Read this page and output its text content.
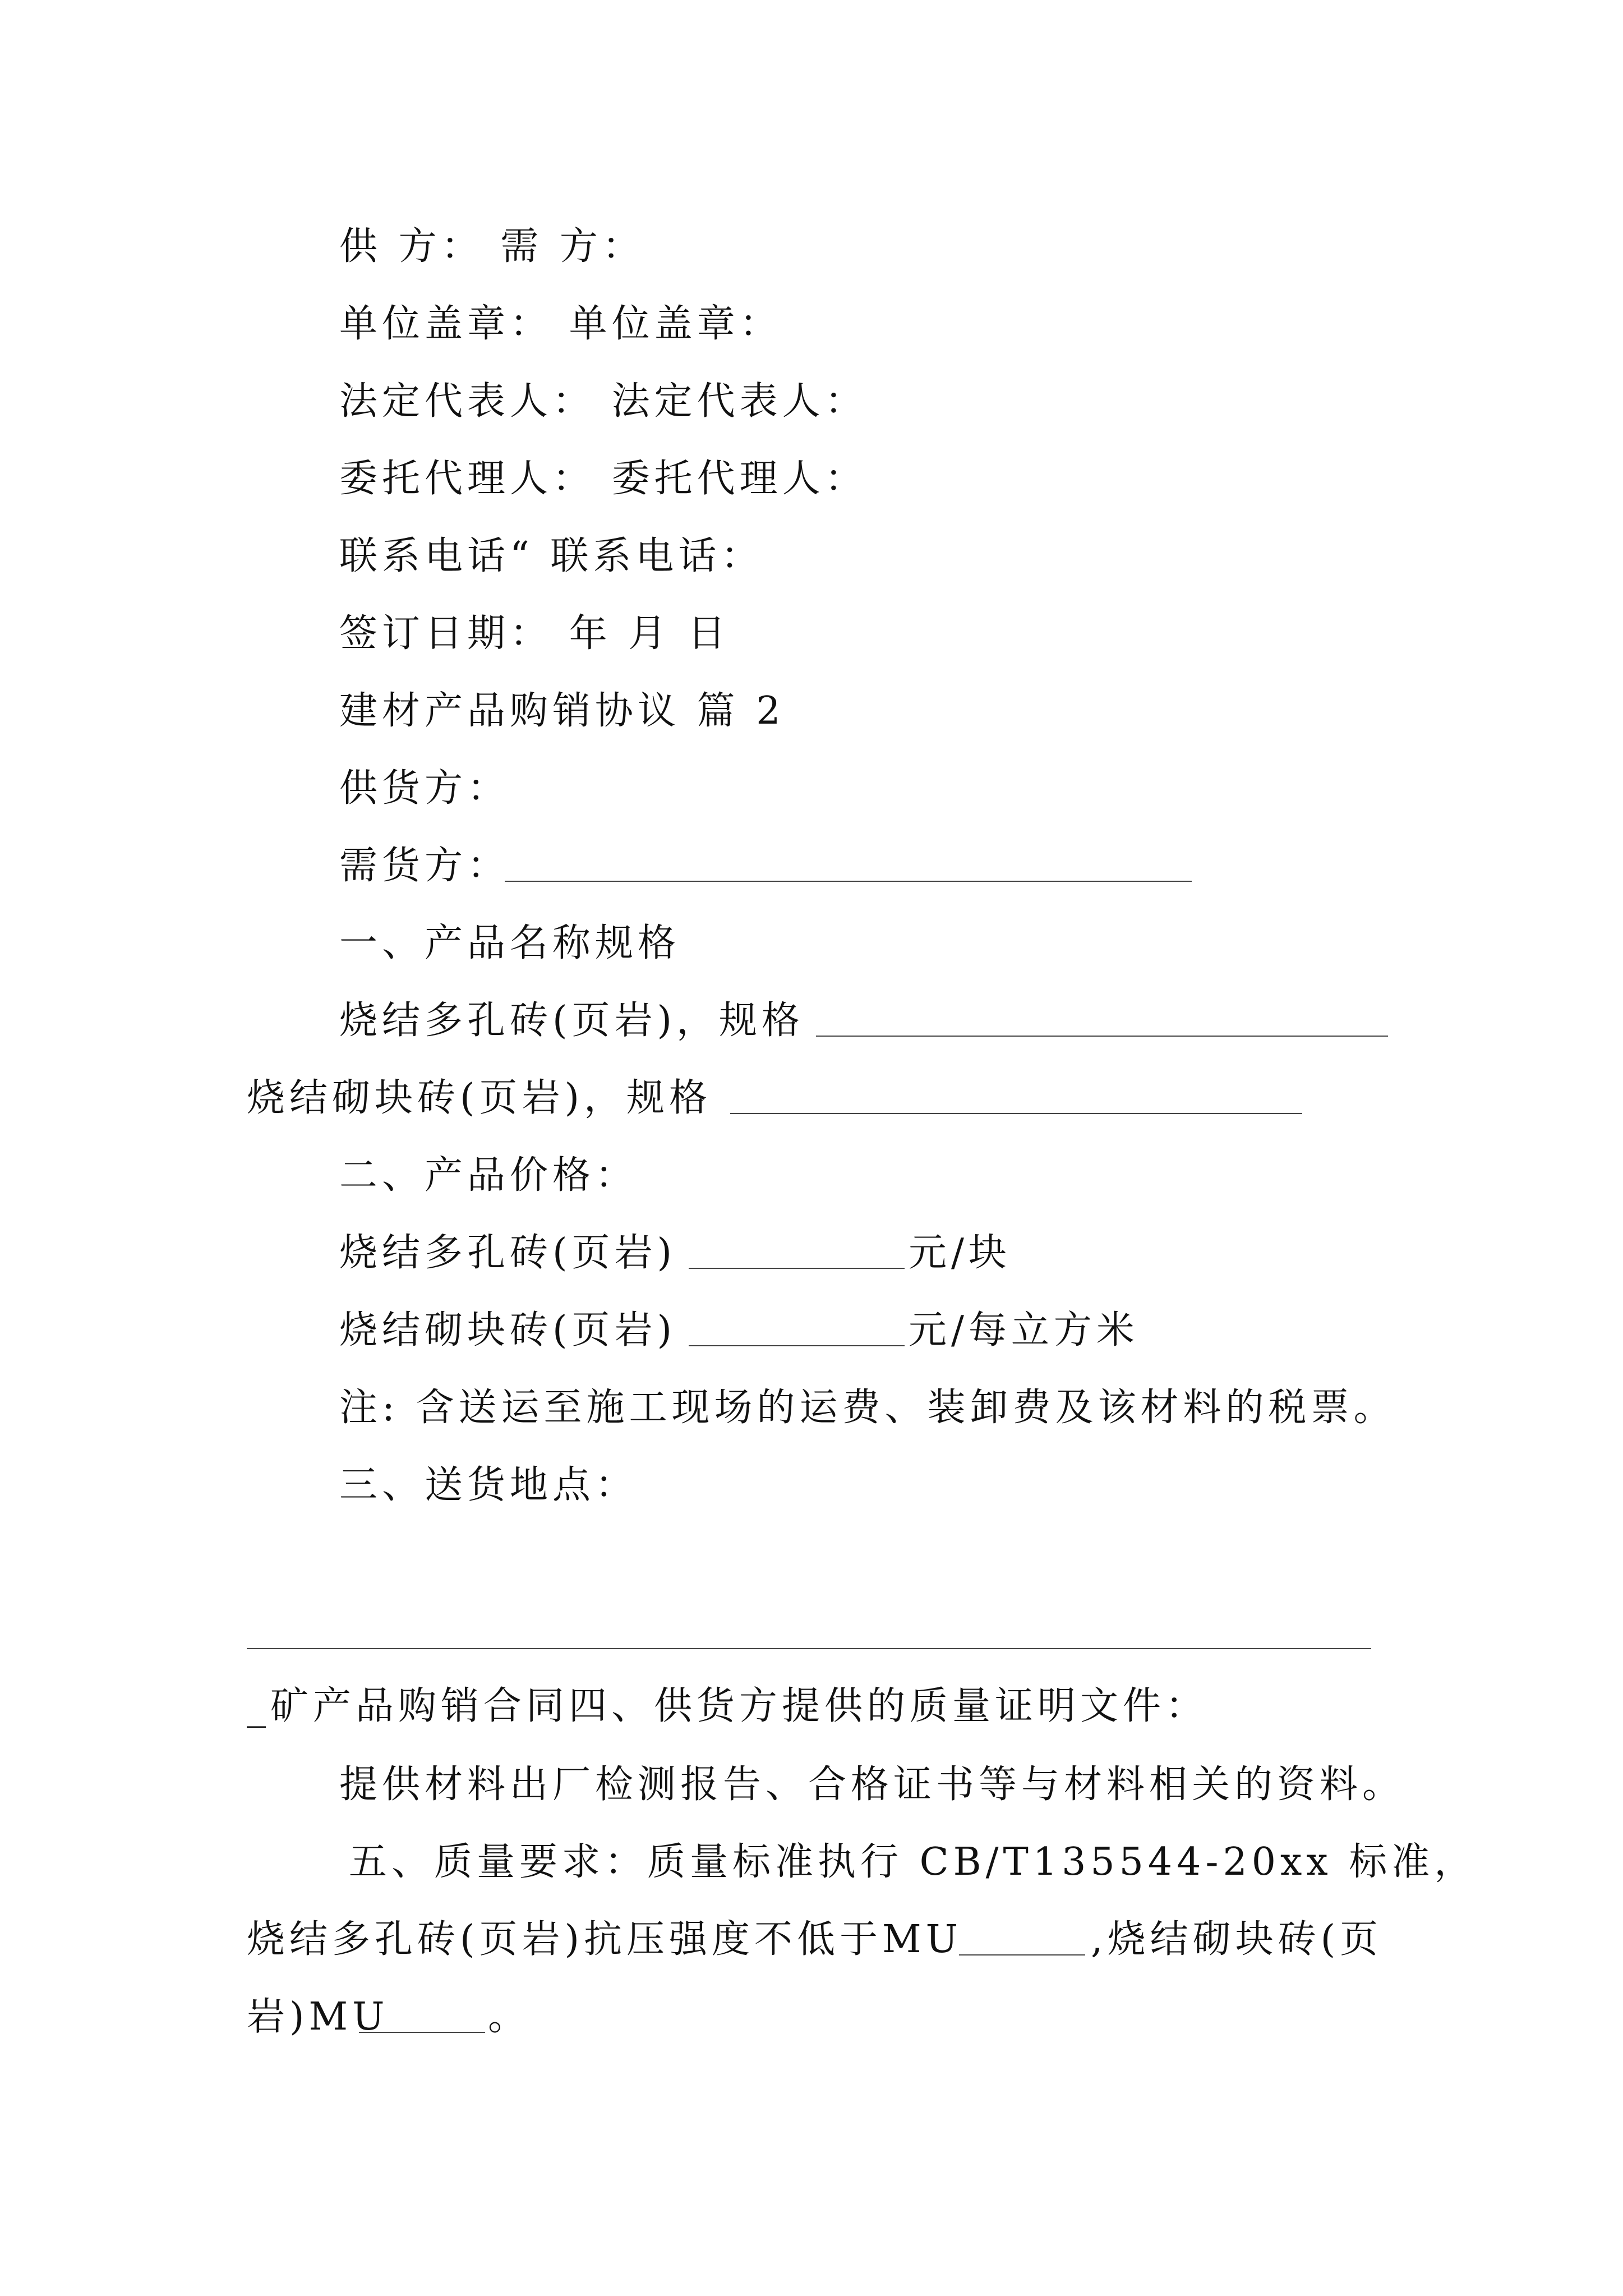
供 方： 需 方：
单位盖章： 单位盖章：
法定代表人： 法定代表人：
委托代理人： 委托代理人：
联系电话“ 联系电话：
签订日期： 年 月 日
建材产品购销协议 篇 2
供货方：
需货方：
一、产品名称规格
烧结多孔砖(页岩)，规格
烧结砌块砖(页岩)，规格
二、产品价格：
烧结多孔砖(页岩)	元/块
烧结砌块砖(页岩)	元/每立方米
注: 含送运至施工现场的运费、装卸费及该材料的税票。
三、送货地点：
_矿产品购销合同四、供货方提供的质量证明文件：
提供材料出厂检测报告、合格证书等与材料相关的资料。
五、质量要求：质量标准执行 CB/T135544-20xx 标准，
烧结多孔砖(页岩)抗压强度不低于MU	,烧结砌块砖(页
岩)MU	。
